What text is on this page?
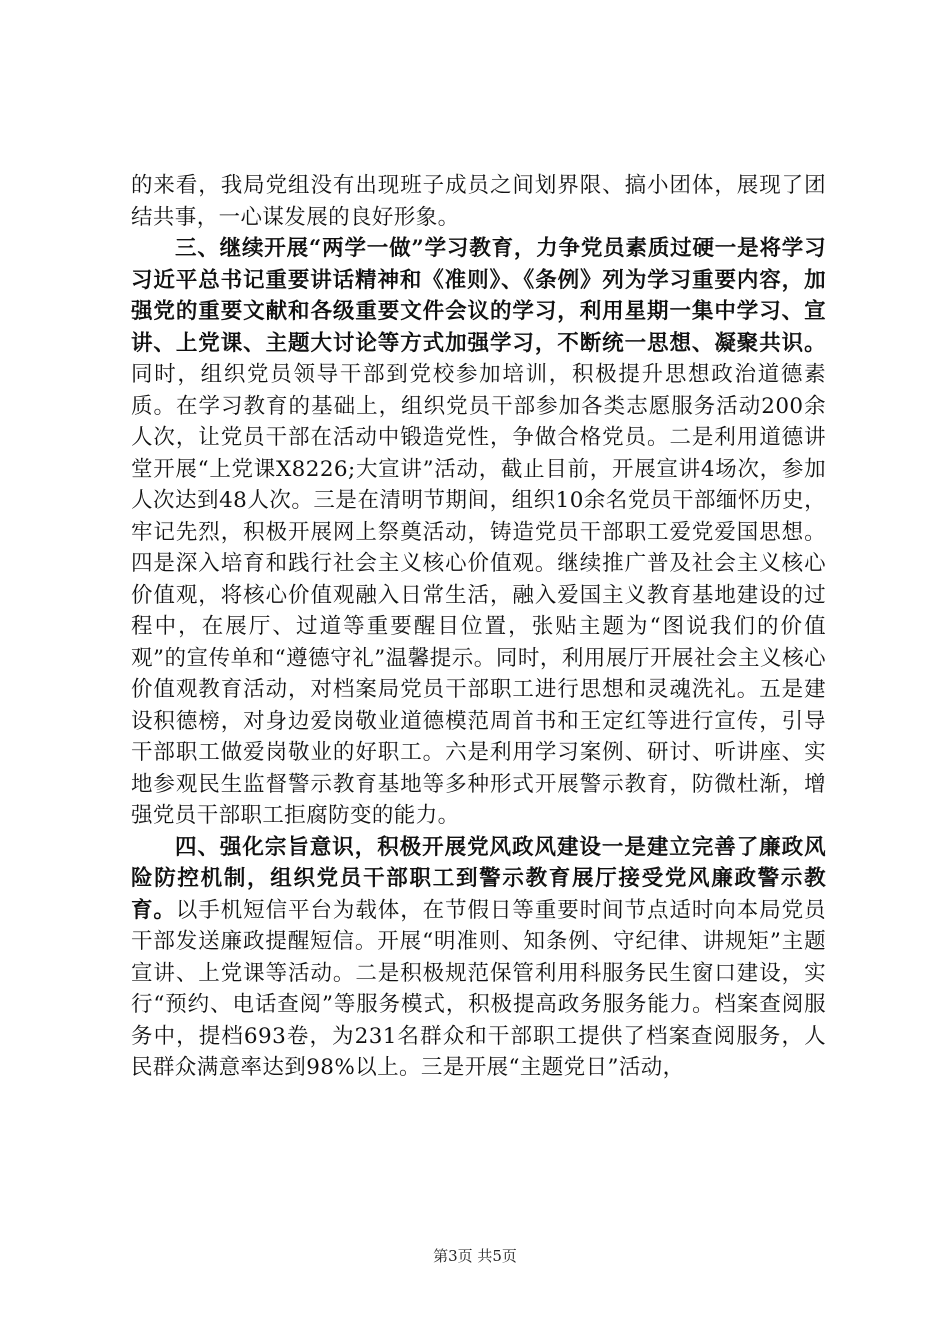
的来看，我局党组没有出现班子成员之间划界限、搞小团体，展现了团结共事，一心谋发展的良好形象。

三、继续开展“两学一做”学习教育，力争党员素质过硬一是将学习习近平总书记重要讲话精神和《准则》、《条例》列为学习重要内容，加强党的重要文献和各级重要文件会议的学习，利用星期一集中学习、宣讲、上党课、主题大讨论等方式加强学习，不断统一思想、凝聚共识。同时，组织党员领导干部到党校参加培训，积极提升思想政治道德素质。在学习教育的基础上，组织党员干部参加各类志愿服务活动200余人次，让党员干部在活动中锻造党性，争做合格党员。二是利用道德讲堂开展“上党课X8226;大宣讲”活动，截止目前，开展宣讲4场次，参加人次达到48人次。三是在清明节期间，组织10余名党员干部缅怀历史，牢记先烈，积极开展网上祭奠活动，铸造党员干部职工爱党爱国思想。四是深入培育和践行社会主义核心价值观。继续推广普及社会主义核心价值观，将核心价值观融入日常生活，融入爱国主义教育基地建设的过程中，在展厅、过道等重要醒目位置，张贴主题为“图说我们的价值观”的宣传单和“遵德守礼”温馨提示。同时，利用展厅开展社会主义核心价值观教育活动，对档案局党员干部职工进行思想和灵魂洗礼。五是建设积德榜，对身边爱岗敬业道德模范周首书和王定红等进行宣传，引导干部职工做爱岗敬业的好职工。六是利用学习案例、研讨、听讲座、实地参观民生监督警示教育基地等多种形式开展警示教育，防微杜渐，增强党员干部职工拒腐防变的能力。

四、强化宗旨意识，积极开展党风政风建设一是建立完善了廉政风险防控机制，组织党员干部职工到警示教育展厅接受党风廉政警示教育。以手机短信平台为载体，在节假日等重要时间节点适时向本局党员干部发送廉政提醒短信。开展“明准则、知条例、守纪律、讲规矩”主题宣讲、上党课等活动。二是积极规范保管利用科服务民生窗口建设，实行“预约、电话查阅”等服务模式，积极提高政务服务能力。档案查阅服务中，提档693卷，为231名群众和干部职工提供了档案查阅服务，人民群众满意率达到98%以上。三是开展“主题党日”活动，

第3页 共5页
